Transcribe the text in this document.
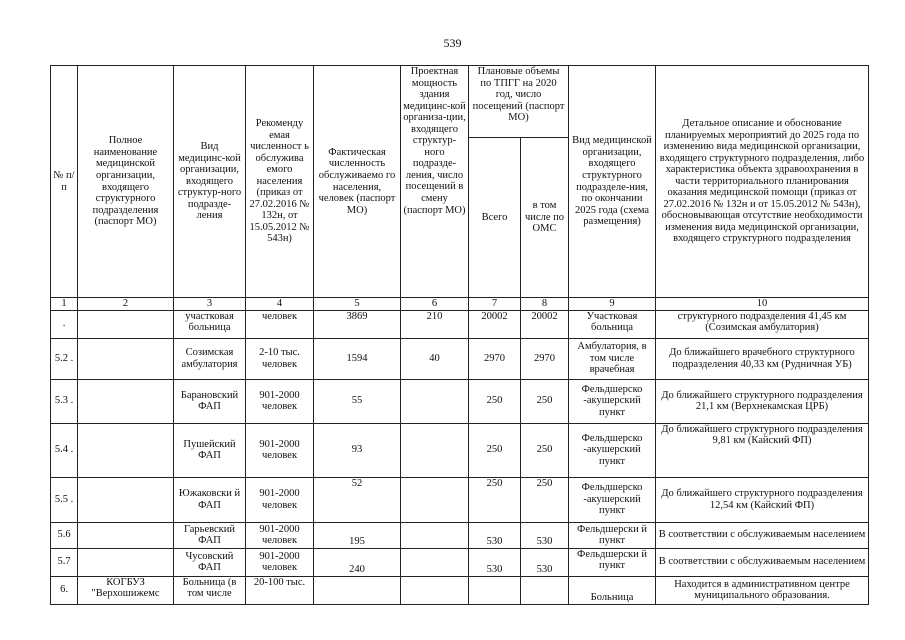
539
№ п/п	Полное наименование медицинской организации, входящего структурного подразделения (паспорт МО)	Вид медицинс-кой организации, входящего структур-ного подразде-ления	Рекоменду емая численност ь обслужива емого населения (приказ от 27.02.2016 № 132н, от 15.05.2012 № 543н)	Фактическая численность обслуживаемо го населения, человек (паспорт МО)	Проектная мощность здания медицинс-кой организа-ции, входящего структур-ного подразде-ления, число посещений в смену (паспорт МО)	Плановые объемы по ТПГГ на 2020 год, число посещений (паспорт МО)		Вид медицинской организации, входящего структурного подразделе-ния, по окончании 2025 года (схема размещения)	Детальное описание и обоснование планируемых мероприятий до 2025 года по изменению вида медицинской организации, входящего структурного подразделения, либо характеристика объекта здравоохранения в части территориального планирования оказания медицинской помощи (приказ от 27.02.2016 № 132н и от 15.05.2012 № 543н), обосновывающая отсутствие необходимости изменения вида медицинской организации, входящего структурного подразделения
						Всего	в том числе по ОМС		
1	2	3	4	5	6	7	8	9	10
.		участковая больница	человек	3869	210	20002	20002	Участковая больница	структурного подразделения 41,45 км (Созимская амбулатория)
5.2 .		Созимская амбулатория	2-10 тыс. человек	1594	40	2970	2970	Амбулатория, в том числе врачебная	До ближайшего врачебного структурного подразделения 40,33 км (Рудничная УБ)
5.3 .		Барановский ФАП	901-2000 человек	55		250	250	Фельдшерско -акушерский пункт	До ближайшего структурного подразделения 21,1 км (Верхнекамская ЦРБ)
5.4 .		Пушейский ФАП	901-2000 человек	93		250	250	Фельдшерско -акушерский пункт	До ближайшего структурного подразделения 9,81 км (Кайский ФП)
5.5 .		Южаковски й ФАП	901-2000 человек	52		250	250	Фельдшерско -акушерский пункт	До ближайшего структурного подразделения 12,54 км (Кайский ФП)
5.6		Гарьевский ФАП	901-2000 человек	195		530	530	Фельдшерски й пункт	В соответствии с обслуживаемым населением
5.7		Чусовский ФАП	901-2000 человек	240		530	530	Фельдшерски й пункт	В соответствии с обслуживаемым населением
6.	КОГБУЗ "Верхошижемс	Больница (в том числе	20-100 тыс.					Больница	Находится в административном центре муниципального образования.
